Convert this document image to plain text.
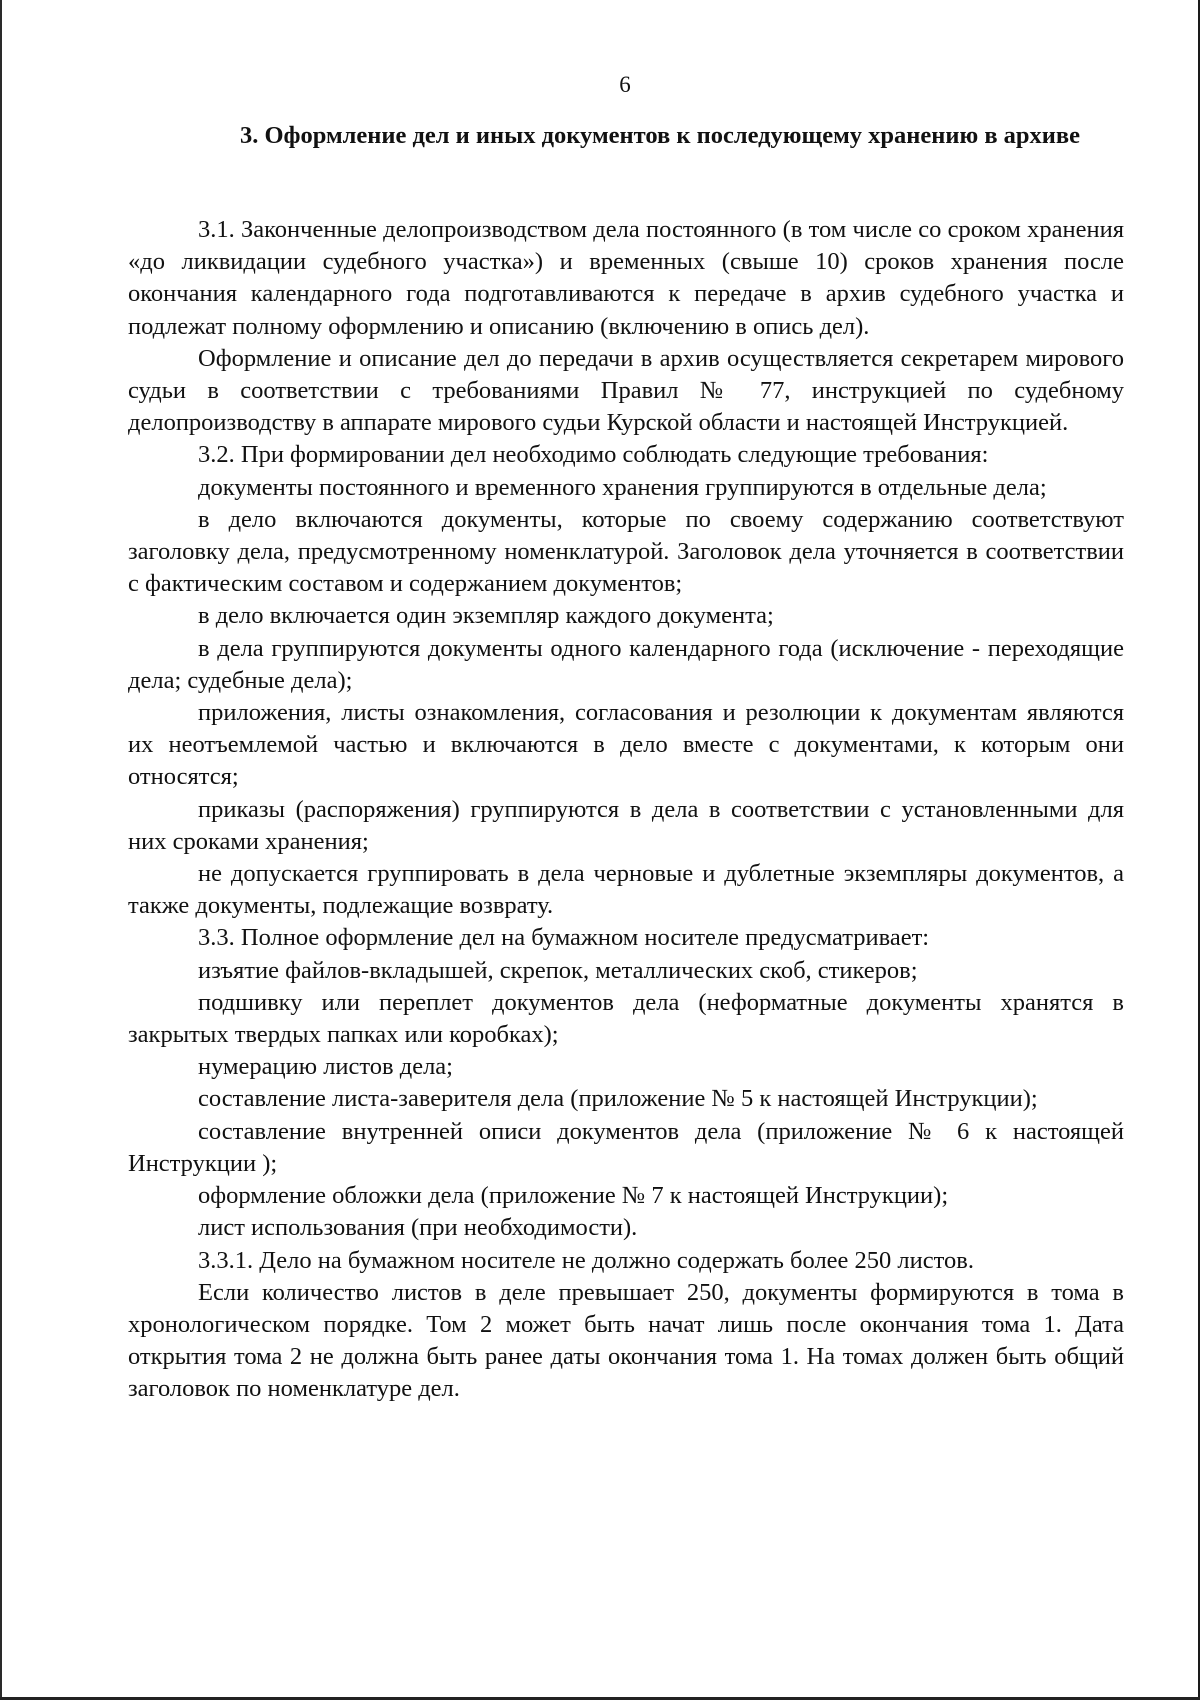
6
3. Оформление дел и иных документов к последующему хранению в архиве

3.1. Законченные делопроизводством дела постоянного (в том числе со сроком хранения «до ликвидации судебного участка») и временных (свыше 10) сроков хранения после окончания календарного года подготавливаются к передаче в архив судебного участка и подлежат полному оформлению и описанию (включению в опись дел).

Оформление и описание дел до передачи в архив осуществляется секретарем мирового судьи в соответствии с требованиями Правил № 77, инструкцией по судебному делопроизводству в аппарате мирового судьи Курской области и настоящей Инструкцией.

3.2. При формировании дел необходимо соблюдать следующие требования:

документы постоянного и временного хранения группируются в отдельные дела;

в дело включаются документы, которые по своему содержанию соответствуют заголовку дела, предусмотренному номенклатурой. Заголовок дела уточняется в соответствии с фактическим составом и содержанием документов;

в дело включается один экземпляр каждого документа;

в дела группируются документы одного календарного года (исключение - переходящие дела; судебные дела);

приложения, листы ознакомления, согласования и резолюции к документам являются их неотъемлемой частью и включаются в дело вместе с документами, к которым они относятся;

приказы (распоряжения) группируются в дела в соответствии с установленными для них сроками хранения;

не допускается группировать в дела черновые и дублетные экземпляры документов, а также документы, подлежащие возврату.

3.3. Полное оформление дел на бумажном носителе предусматривает:

изъятие файлов-вкладышей, скрепок, металлических скоб, стикеров;

подшивку или переплет документов дела (неформатные документы хранятся в закрытых твердых папках или коробках);

нумерацию листов дела;

составление листа-заверителя дела (приложение № 5 к настоящей Инструкции);

составление внутренней описи документов дела (приложение № 6 к настоящей Инструкции );

оформление обложки дела (приложение № 7 к настоящей Инструкции);

лист использования (при необходимости).

3.3.1. Дело на бумажном носителе не должно содержать более 250 листов.

Если количество листов в деле превышает 250, документы формируются в тома в хронологическом порядке. Том 2 может быть начат лишь после окончания тома 1. Дата открытия тома 2 не должна быть ранее даты окончания тома 1. На томах должен быть общий заголовок по номенклатуре дел.
